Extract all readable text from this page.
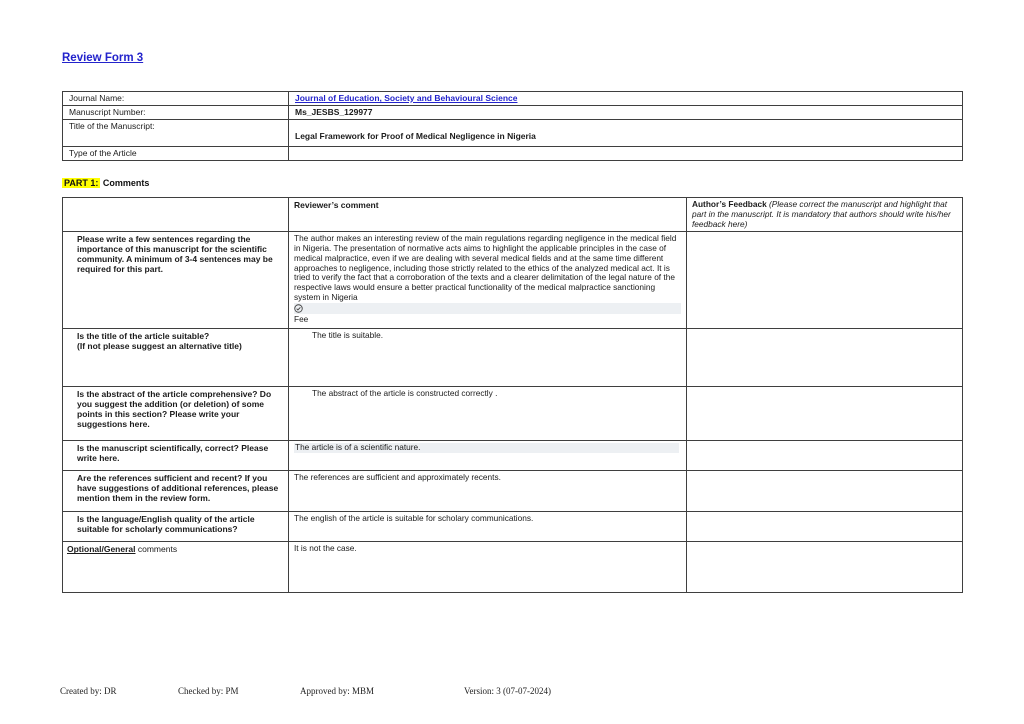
Review Form 3
Journal Name:	Journal of Education, Society and Behavioural Science
Manuscript Number:	Ms_JESBS_129977
Title of the Manuscript:	Legal Framework for Proof of Medical Negligence in Nigeria
Type of the Article	
PART 1: Comments
	Reviewer’s comment	Author’s Feedback (Please correct the manuscript and highlight that part in the manuscript. It is mandatory that authors should write his/her feedback here)
Please write a few sentences regarding the importance of this manuscript for the scientific community. A minimum of 3-4 sentences may be required for this part.	The author makes an interesting review of the main regulations regarding negligence in the medical field in Nigeria. The presentation of normative acts aims to highlight the applicable principles in the case of medical malpractice, even if we are dealing with several medical fields and at the same time different approaches to negligence, including those strictly related to the ethics of the analyzed medical act. It is tried to verify the fact that a corroboration of the texts and a clearer delimitation of the legal nature of the respective laws would ensure a better practical functionality of the medical malpractice sanctioning system in Nigeria
Fee	

Is the title of the article suitable?
(If not please suggest an alternative title)	The title is suitable.	
Is the abstract of the article comprehensive? Do you suggest the addition (or deletion) of some points in this section? Please write your suggestions here.	The abstract of the article is constructed correctly .	
Is the manuscript scientifically, correct? Please write here.	The article is of a scientific nature.	

Are the references sufficient and recent? If you have suggestions of additional references, please mention them in the review form.	The references are sufficient and approximately recents.	
Is the language/English quality of the article suitable for scholarly communications?	The english of the article is suitable for scholary communications.	
Optional/General comments	It is not the case.	
Created by: DR	Checked by: PM	Approved by: MBM	Version: 3 (07-07-2024)
